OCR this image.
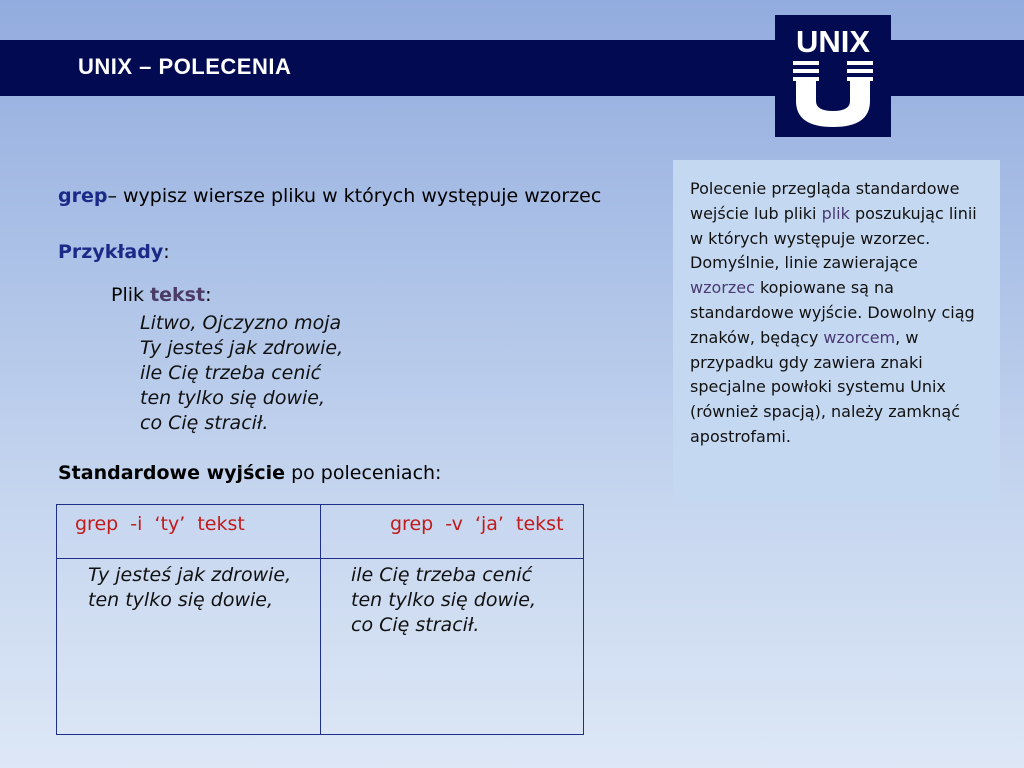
UNIX – POLECENIA
UNIX
grep– wypisz wiersze pliku w których występuje wzorzec
Przykłady:
Plik tekst:
Litwo, Ojczyzno moja
Ty jesteś jak zdrowie,
ile Cię trzeba cenić
ten tylko się dowie,
co Cię stracił.
Standardowe wyjście po poleceniach:
grep  -i  ‘ty’  tekst	grep  -v  ‘ja’  tekst
Ty jesteś jak zdrowie,
ten tylko się dowie,
ile Cię trzeba cenić
ten tylko się dowie,
co Cię stracił.
Polecenie przegląda standardowe wejście lub pliki plik poszukując linii w których występuje wzorzec. Domyślnie, linie zawierające wzorzec kopiowane są na standardowe wyjście. Dowolny ciąg znaków, będący wzorcem, w przypadku gdy zawiera znaki specjalne powłoki systemu Unix (również spacją), należy zamknąć apostrofami.
